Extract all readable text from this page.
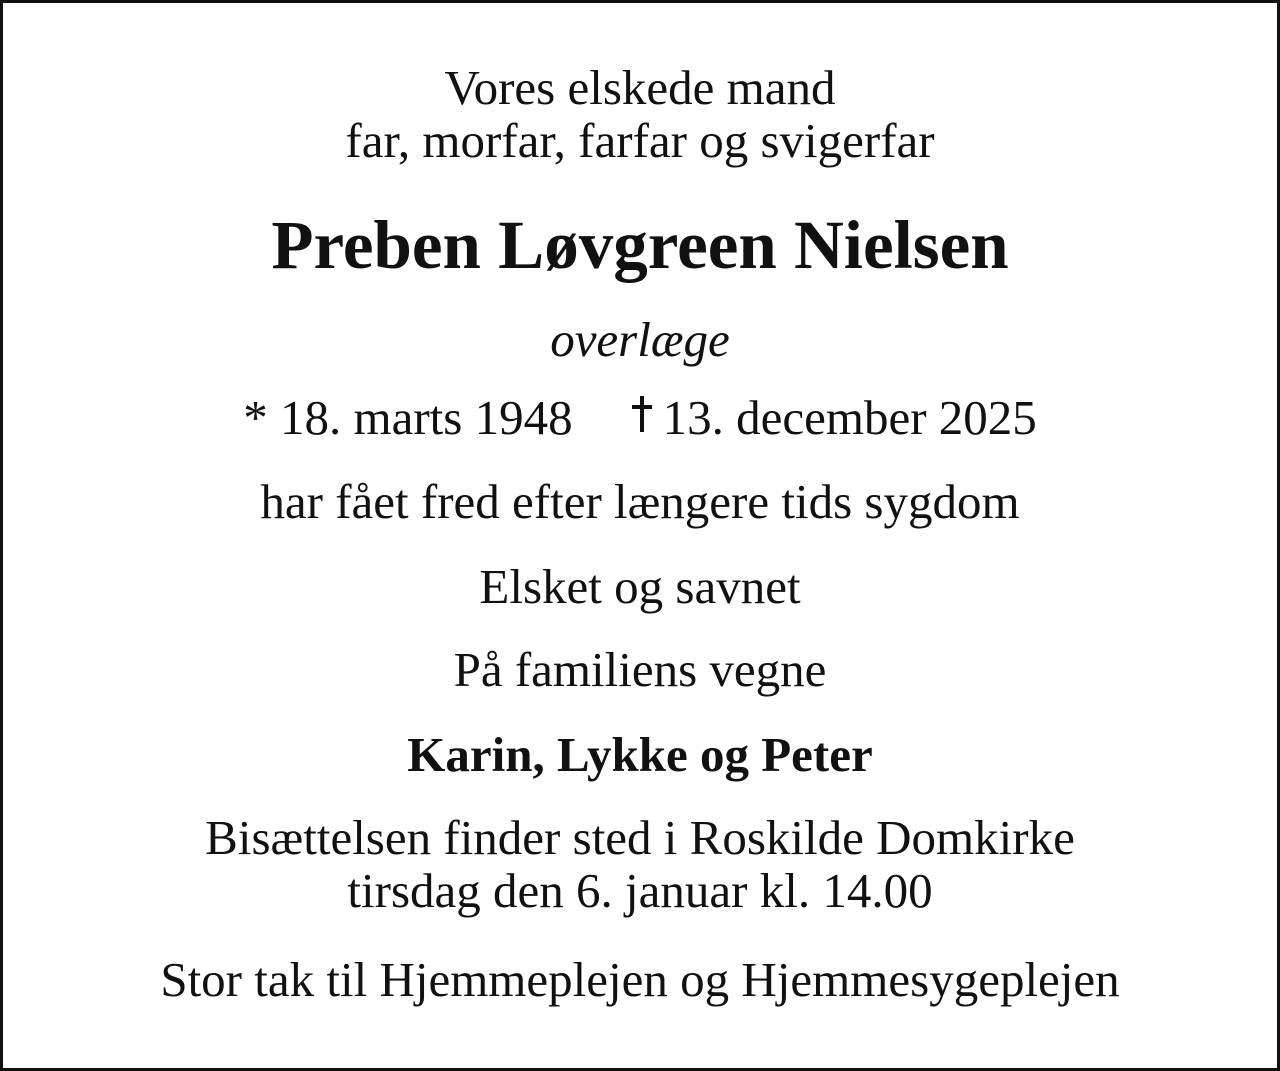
Vores elskede mand
far, morfar, farfar og svigerfar
Preben Løvgreen Nielsen
overlæge
* 18. marts 1948 13. december 2025
har fået fred efter længere tids sygdom
Elsket og savnet
På familiens vegne
Karin, Lykke og Peter
Bisættelsen finder sted i Roskilde Domkirke
tirsdag den 6. januar kl. 14.00
Stor tak til Hjemmeplejen og Hjemmesygeplejen
